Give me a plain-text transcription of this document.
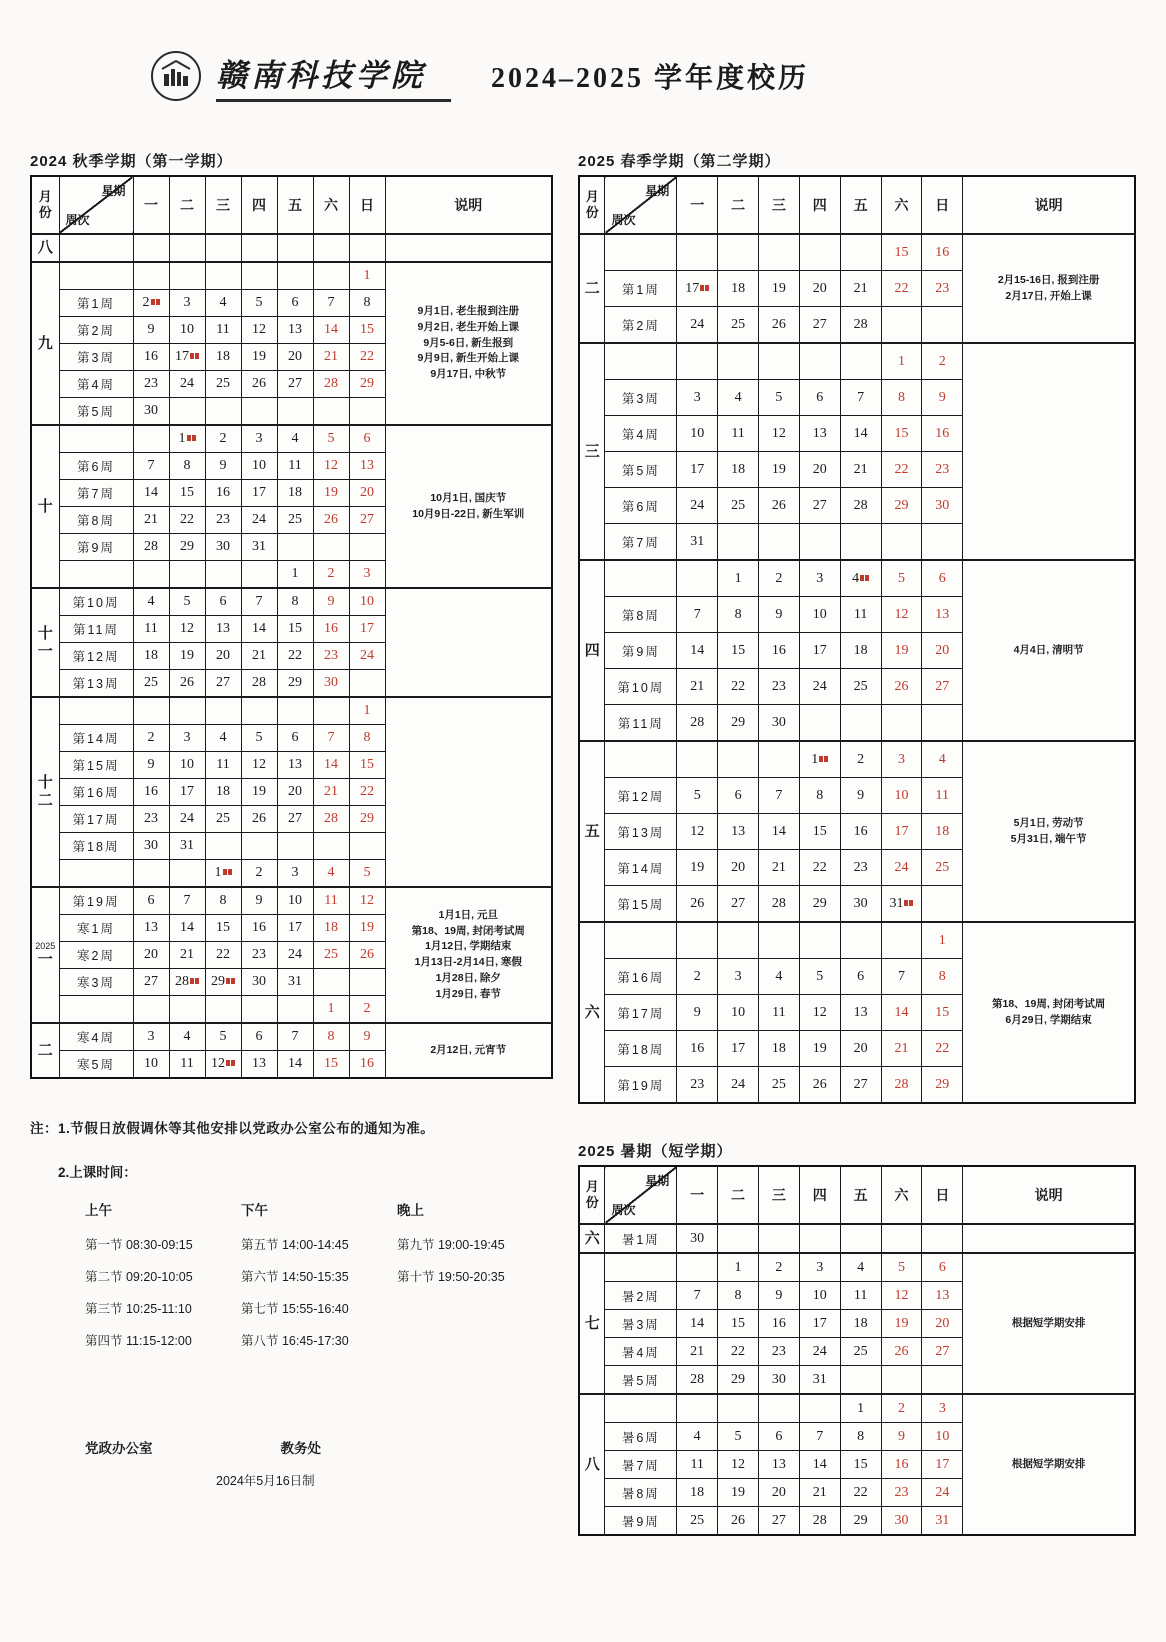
赣南科技学院	2024–2025 学年度校历
2024 秋季学期（第一学期）
月
份

星期
周次
	一	二	三	四	五	六	日	说明

八									

九								1	9月1日, 老生报到注册
9月2日, 老生开始上课
9月5-6日, 新生报到
9月9日, 新生开始上课
9月17日, 中秋节

	第1周	2	3	4	5	6	7	8	
	第2周	9	10	11	12	13	14	15	
	第3周	16	17	18	19	20	21	22	
	第4周	23	24	25	26	27	28	29	
	第5周	30							

十			1	2	3	4	5	6	10月1日, 国庆节
10月9日-22日, 新生军训

	第6周	7	8	9	10	11	12	13	
	第7周	14	15	16	17	18	19	20	
	第8周	21	22	23	24	25	26	27	
	第9周	28	29	30	31				
						1	2	3	

十
一	第10周	4	5	6	7	8	9	10	
	第11周	11	12	13	14	15	16	17	
	第12周	18	19	20	21	22	23	24	
	第13周	25	26	27	28	29	30		

十
二								1	
	第14周	2	3	4	5	6	7	8	
	第15周	9	10	11	12	13	14	15	
	第16周	16	17	18	19	20	21	22	
	第17周	23	24	25	26	27	28	29	
	第18周	30	31						
				1	2	3	4	5	

2025
一
	第19周	6	7	8	9	10	11	12	
1月1日, 元旦
第18、19周, 封闭考试周
1月12日, 学期结束
1月13日-2月14日, 寒假
1月28日, 除夕
1月29日, 春节

	寒1周	13	14	15	16	17	18	19	
	寒2周	20	21	22	23	24	25	26	
	寒3周	27	28	29	30	31			
							1	2	

二	寒4周	3	4	5	6	7	8	9	2月12日, 元宵节

	寒5周	10	11	12	13	14	15	16	
注：1.节假日放假调休等其他安排以党政办公室公布的通知为准。
2.上课时间：
上午
第一节 08:30-09:15
第二节 09:20-10:05
第三节 10:25-11:10
第四节 11:15-12:00
下午
第五节 14:00-14:45
第六节 14:50-15:35
第七节 15:55-16:40
第八节 16:45-17:30
晚上
第九节 19:00-19:45
第十节 19:50-20:35
党政办公室	教务处
2024年5月16日制
2025 春季学期（第二学期）
月
份

星期
周次
	一	二	三	四	五	六	日	说明

二							15	16	2月15-16日, 报到注册
2月17日, 开始上课

	第1周	17	18	19	20	21	22	23	
	第2周	24	25	26	27	28			

三							1	2	
	第3周	3	4	5	6	7	8	9	
	第4周	10	11	12	13	14	15	16	
	第5周	17	18	19	20	21	22	23	
	第6周	24	25	26	27	28	29	30	
	第7周	31							

四			1	2	3	4	5	6	4月4日, 清明节

	第8周	7	8	9	10	11	12	13	
	第9周	14	15	16	17	18	19	20	
	第10周	21	22	23	24	25	26	27	
	第11周	28	29	30					

五					1	2	3	4	5月1日, 劳动节
5月31日, 端午节

	第12周	5	6	7	8	9	10	11	
	第13周	12	13	14	15	16	17	18	
	第14周	19	20	21	22	23	24	25	
	第15周	26	27	28	29	30	31		

六								1	第18、19周, 封闭考试周
6月29日, 学期结束

	第16周	2	3	4	5	6	7	8	
	第17周	9	10	11	12	13	14	15	
	第18周	16	17	18	19	20	21	22	
	第19周	23	24	25	26	27	28	29	
2025 暑期（短学期）
月
份

星期
周次
	一	二	三	四	五	六	日	说明

六	暑1周	30							

七			1	2	3	4	5	6	根据短学期安排

	暑2周	7	8	9	10	11	12	13	
	暑3周	14	15	16	17	18	19	20	
	暑4周	21	22	23	24	25	26	27	
	暑5周	28	29	30	31				

八						1	2	3	根据短学期安排

	暑6周	4	5	6	7	8	9	10	
	暑7周	11	12	13	14	15	16	17	
	暑8周	18	19	20	21	22	23	24	
	暑9周	25	26	27	28	29	30	31	
